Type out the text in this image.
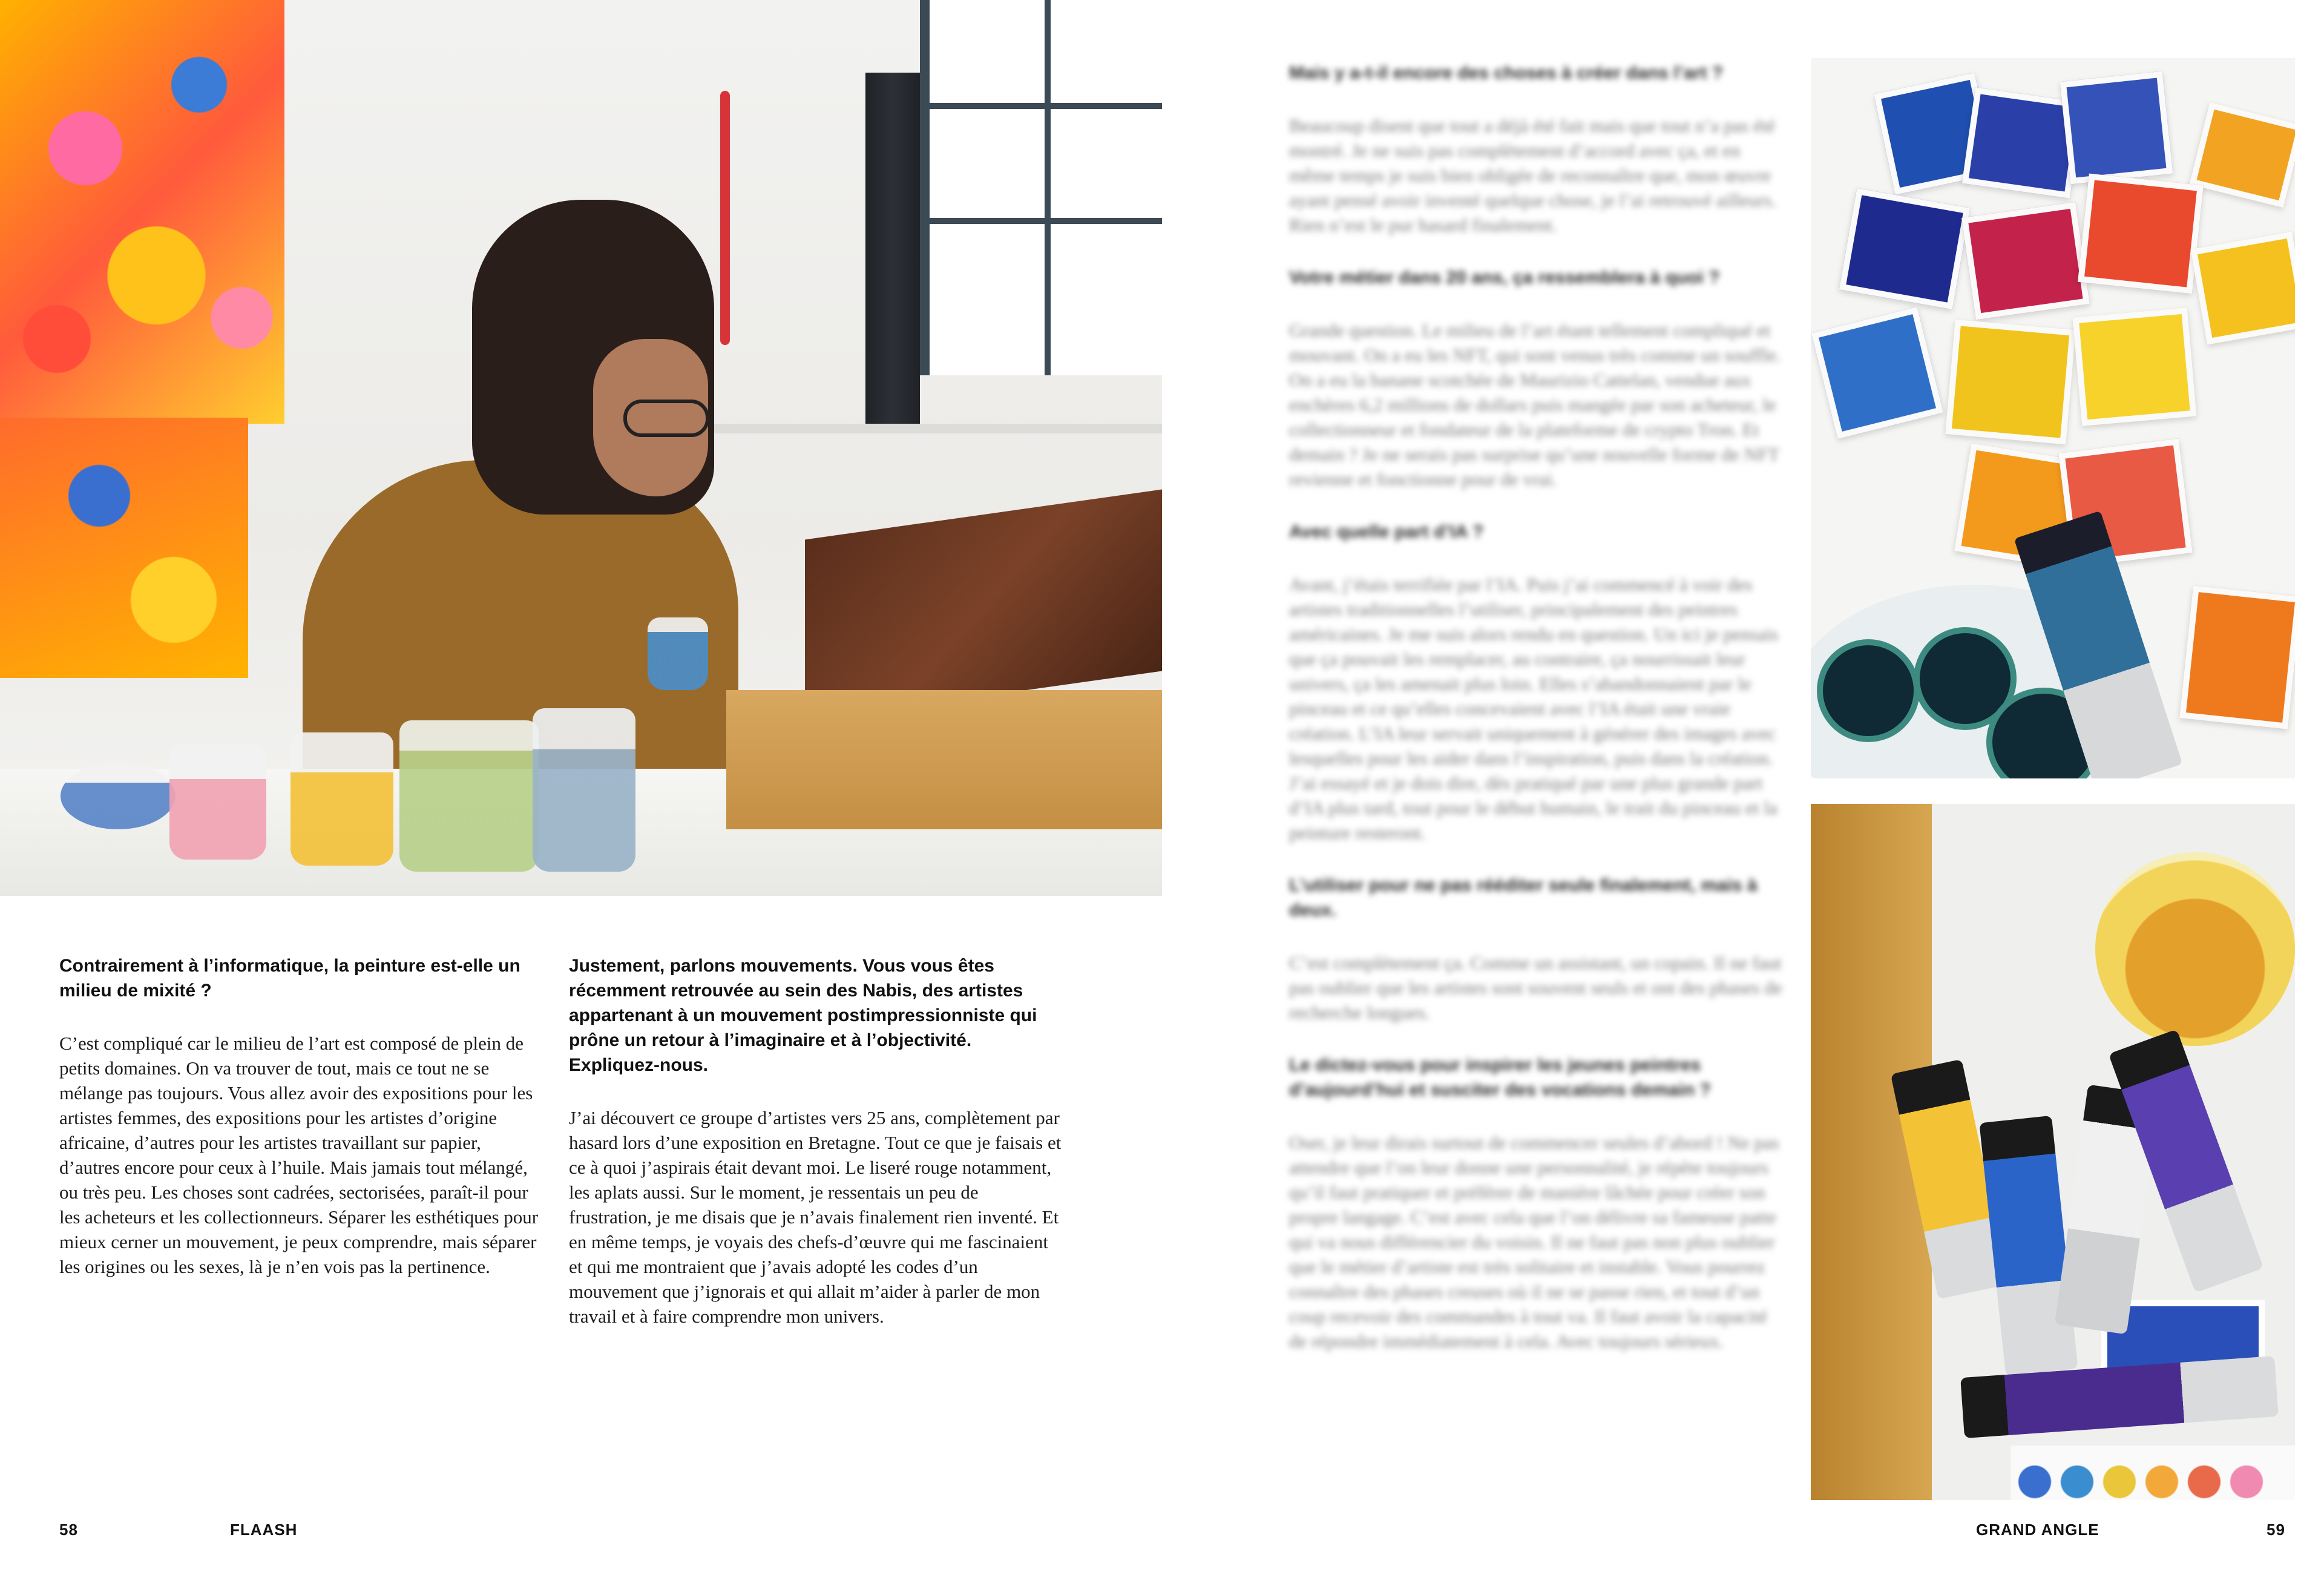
Contrairement à l’informatique, la peinture est-elle un milieu de mixité ?

C’est compliqué car le milieu de l’art est composé de plein de petits domaines. On va trouver de tout, mais ce tout ne se mélange pas toujours. Vous allez avoir des expositions pour les artistes femmes, des expositions pour les artistes d’origine africaine, d’autres pour les artistes travaillant sur papier, d’autres encore pour ceux à l’huile. Mais jamais tout mélangé, ou très peu. Les choses sont cadrées, sectorisées, paraît-il pour les acheteurs et les collectionneurs. Séparer les esthétiques pour mieux cerner un mouvement, je peux comprendre, mais séparer les origines ou les sexes, là je n’en vois pas la pertinence.

Justement, parlons mouvements. Vous vous êtes récemment retrouvée au sein des Nabis, des artistes appartenant à un mouvement postimpressionniste qui prône un retour à l’imaginaire et à l’objectivité. Expliquez-nous.

J’ai découvert ce groupe d’artistes vers 25 ans, complètement par hasard lors d’une exposition en Bretagne. Tout ce que je faisais et ce à quoi j’aspirais était devant moi. Le liseré rouge notamment, les aplats aussi. Sur le moment, je ressentais un peu de frustration, je me disais que je n’avais finalement rien inventé. Et en même temps, je voyais des chefs-d’œuvre qui me fascinaient et qui me montraient que j’avais adopté les codes d’un mouvement que j’ignorais et qui allait m’aider à parler de mon travail et à faire comprendre mon univers.

58	FLAASH

Mais y a-t-il encore des choses à créer dans l’art ?

Beaucoup disent que tout a déjà été fait mais que tout n’a pas été montré. Je ne suis pas complètement d’accord avec ça, et en même temps je suis bien obligée de reconnaître que, mon œuvre ayant pensé avoir inventé quelque chose, je l’ai retrouvé ailleurs. Rien n’est le pur hasard finalement.

Votre métier dans 20 ans, ça ressemblera à quoi ?

Grande question. Le milieu de l’art étant tellement compliqué et mouvant. On a eu les NFT, qui sont venus très comme un souffle. On a eu la banane scotchée de Maurizio Cattelan, vendue aux enchères 6,2 millions de dollars puis mangée par son acheteur, le collectionneur et fondateur de la plateforme de crypto Tron. Et demain ? Je ne serais pas surprise qu’une nouvelle forme de NFT revienne et fonctionne pour de vrai.

Avec quelle part d’IA ?

Avant, j’étais terrifiée par l’IA. Puis j’ai commencé à voir des artistes traditionnelles l’utiliser, principalement des peintres américaines. Je me suis alors rendu en question. Un ici je pensais que ça pouvait les remplacer, au contraire, ça nourrissait leur univers, ça les amenait plus loin. Elles s’abandonnaient par le pinceau et ce qu’elles concevaient avec l’IA était une vraie création. L’IA leur servait uniquement à générer des images avec lesquelles pour les aider dans l’inspiration, puis dans la création. J’ai essayé et je dois dire, dès pratiqué par une plus grande part d’IA plus tard, tout pour le début humain, le trait du pinceau et la peinture resteront.

L’utiliser pour ne pas rééditer seule finalement, mais à deux.

C’est complètement ça. Comme un assistant, un copain. Il ne faut pas oublier que les artistes sont souvent seuls et ont des phases de recherche longues.

Le dictez-vous pour inspirer les jeunes peintres d’aujourd’hui et susciter des vocations demain ?

Oser, je leur dirais surtout de commencer seules d’abord ! Ne pas attendre que l’on leur donne une personnalité, je répète toujours qu’il faut pratiquer et préférer de manière lâchée pour créer son propre langage. C’est avec cela que l’on délivre sa fameuse patte qui va nous différencier du voisin. Il ne faut pas non plus oublier que le métier d’artiste est très solitaire et instable. Vous pourrez connaître des phases creuses où il ne se passe rien, et tout d’un coup recevoir des commandes à tout va. Il faut avoir la capacité de répondre immédiatement à cela. Avec toujours sérieux.

GRAND ANGLE	59
